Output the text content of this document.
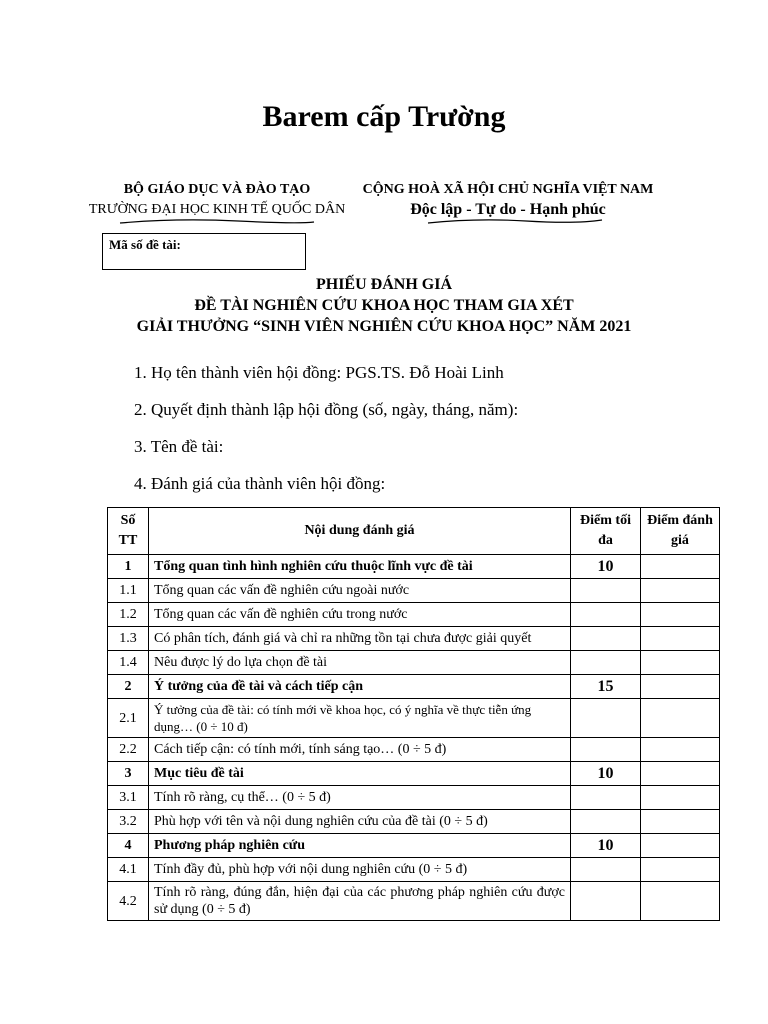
Barem cấp Trường
BỘ GIÁO DỤC VÀ ĐÀO TẠO
TRƯỜNG ĐẠI HỌC KINH TẾ QUỐC DÂN
CỘNG HOÀ XÃ HỘI CHỦ NGHĨA VIỆT NAM
Độc lập - Tự do - Hạnh phúc
Mã số đề tài:
PHIẾU ĐÁNH GIÁ
ĐỀ TÀI NGHIÊN CỨU KHOA HỌC THAM GIA XÉT
GIẢI THƯỞNG “SINH VIÊN NGHIÊN CỨU KHOA HỌC” NĂM 2021
1. Họ tên thành viên hội đồng: PGS.TS. Đỗ Hoài Linh
2. Quyết định thành lập hội đồng (số, ngày, tháng, năm):
3. Tên đề tài:
4. Đánh giá của thành viên hội đồng:
Số TT	Nội dung đánh giá	Điểm tối đa	Điểm đánh giá
1	Tổng quan tình hình nghiên cứu thuộc lĩnh vực đề tài	10	
1.1	Tổng quan các vấn đề nghiên cứu ngoài nước		
1.2	Tổng quan các vấn đề nghiên cứu trong nước		
1.3	Có phân tích, đánh giá và chỉ ra những tồn tại chưa được giải quyết		
1.4	Nêu được lý do lựa chọn đề tài		
2	Ý tưởng của đề tài và cách tiếp cận	15	
2.1	Ý tưởng của đề tài: có tính mới về khoa học, có ý nghĩa về thực tiễn ứng dụng… (0 ÷ 10 đ)		
2.2	Cách tiếp cận: có tính mới, tính sáng tạo… (0 ÷ 5 đ)		
3	Mục tiêu đề tài	10	
3.1	Tính rõ ràng, cụ thể… (0 ÷ 5 đ)		
3.2	Phù hợp với tên và nội dung nghiên cứu của đề tài (0 ÷ 5 đ)		
4	Phương pháp nghiên cứu	10	
4.1	Tính đầy đủ, phù hợp với nội dung nghiên cứu (0 ÷ 5 đ)		
4.2	Tính rõ ràng, đúng đắn, hiện đại của các phương pháp nghiên cứu được sử dụng (0 ÷ 5 đ)		
